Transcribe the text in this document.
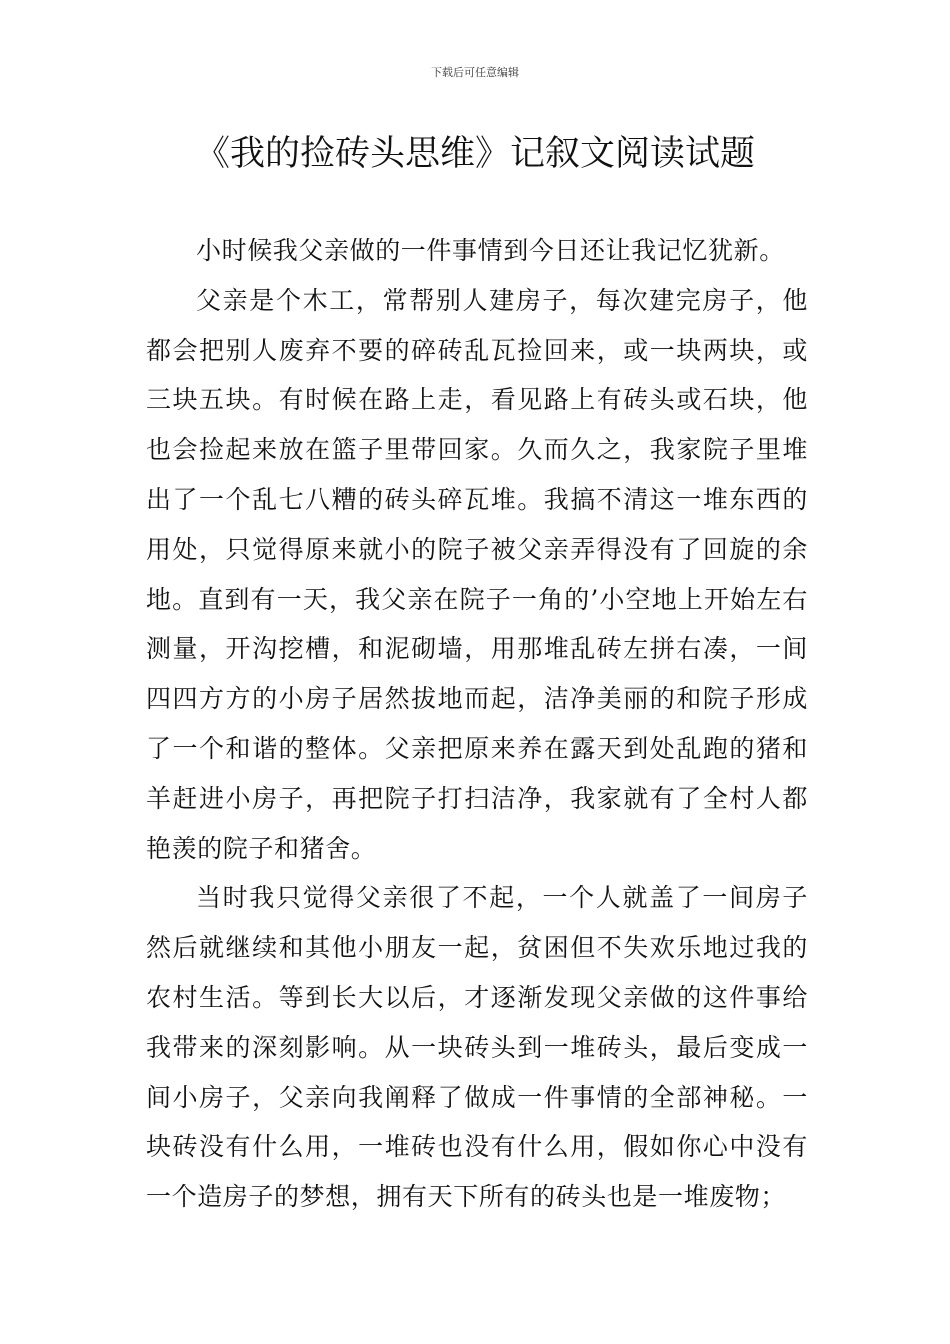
下载后可任意编辑
《我的捡砖头思维》记叙文阅读试题

小时候我父亲做的一件事情到今日还让我记忆犹新。

父亲是个木工，常帮别人建房子，每次建完房子，他都会把别人废弃不要的碎砖乱瓦捡回来，或一块两块，或三块五块。有时候在路上走，看见路上有砖头或石块，他也会捡起来放在篮子里带回家。久而久之，我家院子里堆出了一个乱七八糟的砖头碎瓦堆。我搞不清这一堆东西的用处，只觉得原来就小的院子被父亲弄得没有了回旋的余地。直到有一天，我父亲在院子一角的’小空地上开始左右测量，开沟挖槽，和泥砌墙，用那堆乱砖左拼右凑，一间四四方方的小房子居然拔地而起，洁净美丽的和院子形成了一个和谐的整体。父亲把原来养在露天到处乱跑的猪和羊赶进小房子，再把院子打扫洁净，我家就有了全村人都艳羡的院子和猪舍。

当时我只觉得父亲很了不起，一个人就盖了一间房子然后就继续和其他小朋友一起，贫困但不失欢乐地过我的农村生活。等到长大以后，才逐渐发现父亲做的这件事给我带来的深刻影响。从一块砖头到一堆砖头，最后变成一间小房子，父亲向我阐释了做成一件事情的全部神秘。一块砖没有什么用，一堆砖也没有什么用，假如你心中没有一个造房子的梦想，拥有天下所有的砖头也是一堆废物；
